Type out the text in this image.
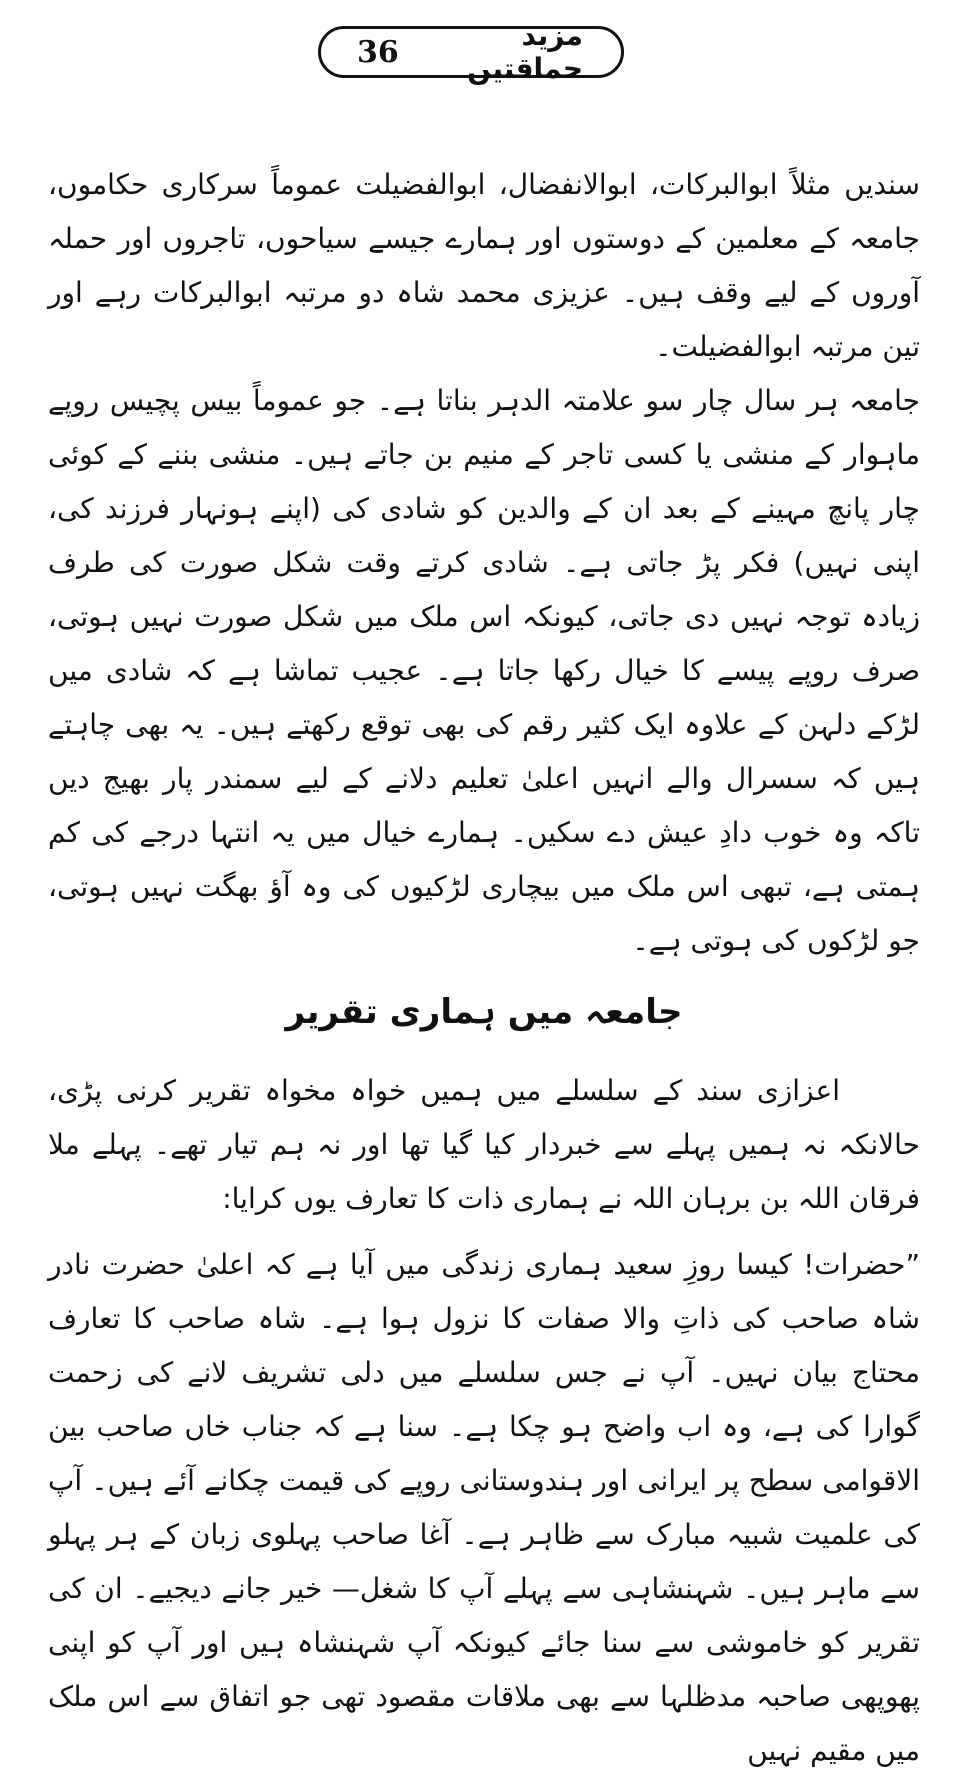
36	مزید حماقتیں

سندیں مثلاً ابوالبرکات، ابوالانفضال، ابوالفضیلت عموماً سرکاری حکاموں، جامعہ کے معلمین کے دوستوں اور ہمارے جیسے سیاحوں، تاجروں اور حملہ آوروں کے لیے وقف ہیں۔ عزیزی محمد شاہ دو مرتبہ ابوالبرکات رہے اور تین مرتبہ ابوالفضیلت۔

جامعہ ہر سال چار سو علامتہ الدہر بناتا ہے۔ جو عموماً بیس پچیس روپے ماہوار کے منشی یا کسی تاجر کے منیم بن جاتے ہیں۔ منشی بننے کے کوئی چار پانچ مہینے کے بعد ان کے والدین کو شادی کی (اپنے ہونہار فرزند کی، اپنی نہیں) فکر پڑ جاتی ہے۔ شادی کرتے وقت شکل صورت کی طرف زیادہ توجہ نہیں دی جاتی، کیونکہ اس ملک میں شکل صورت نہیں ہوتی، صرف روپے پیسے کا خیال رکھا جاتا ہے۔ عجیب تماشا ہے کہ شادی میں لڑکے دلہن کے علاوہ ایک کثیر رقم کی بھی توقع رکھتے ہیں۔ یہ بھی چاہتے ہیں کہ سسرال والے انہیں اعلیٰ تعلیم دلانے کے لیے سمندر پار بھیج دیں تاکہ وہ خوب دادِ عیش دے سکیں۔ ہمارے خیال میں یہ انتہا درجے کی کم ہمتی ہے، تبھی اس ملک میں بیچاری لڑکیوں کی وہ آؤ بھگت نہیں ہوتی، جو لڑکوں کی ہوتی ہے۔

جامعہ میں ہماری تقریر

اعزازی سند کے سلسلے میں ہمیں خواہ مخواہ تقریر کرنی پڑی، حالانکہ نہ ہمیں پہلے سے خبردار کیا گیا تھا اور نہ ہم تیار تھے۔ پہلے ملا فرقان اللہ بن برہان اللہ نے ہماری ذات کا تعارف یوں کرایا:

”حضرات! کیسا روزِ سعید ہماری زندگی میں آیا ہے کہ اعلیٰ حضرت نادر شاہ صاحب کی ذاتِ والا صفات کا نزول ہوا ہے۔ شاہ صاحب کا تعارف محتاج بیان نہیں۔ آپ نے جس سلسلے میں دلی تشریف لانے کی زحمت گوارا کی ہے، وہ اب واضح ہو چکا ہے۔ سنا ہے کہ جناب خاں صاحب بین الاقوامی سطح پر ایرانی اور ہندوستانی روپے کی قیمت چکانے آئے ہیں۔ آپ کی علمیت شبیہ مبارک سے ظاہر ہے۔ آغا صاحب پہلوی زبان کے ہر پہلو سے ماہر ہیں۔ شہنشاہی سے پہلے آپ کا شغل— خیر جانے دیجیے۔ ان کی تقریر کو خاموشی سے سنا جائے کیونکہ آپ شہنشاہ ہیں اور آپ کو اپنی پھوپھی صاحبہ مدظلہا سے بھی ملاقات مقصود تھی جو اتفاق سے اس ملک میں مقیم نہیں
